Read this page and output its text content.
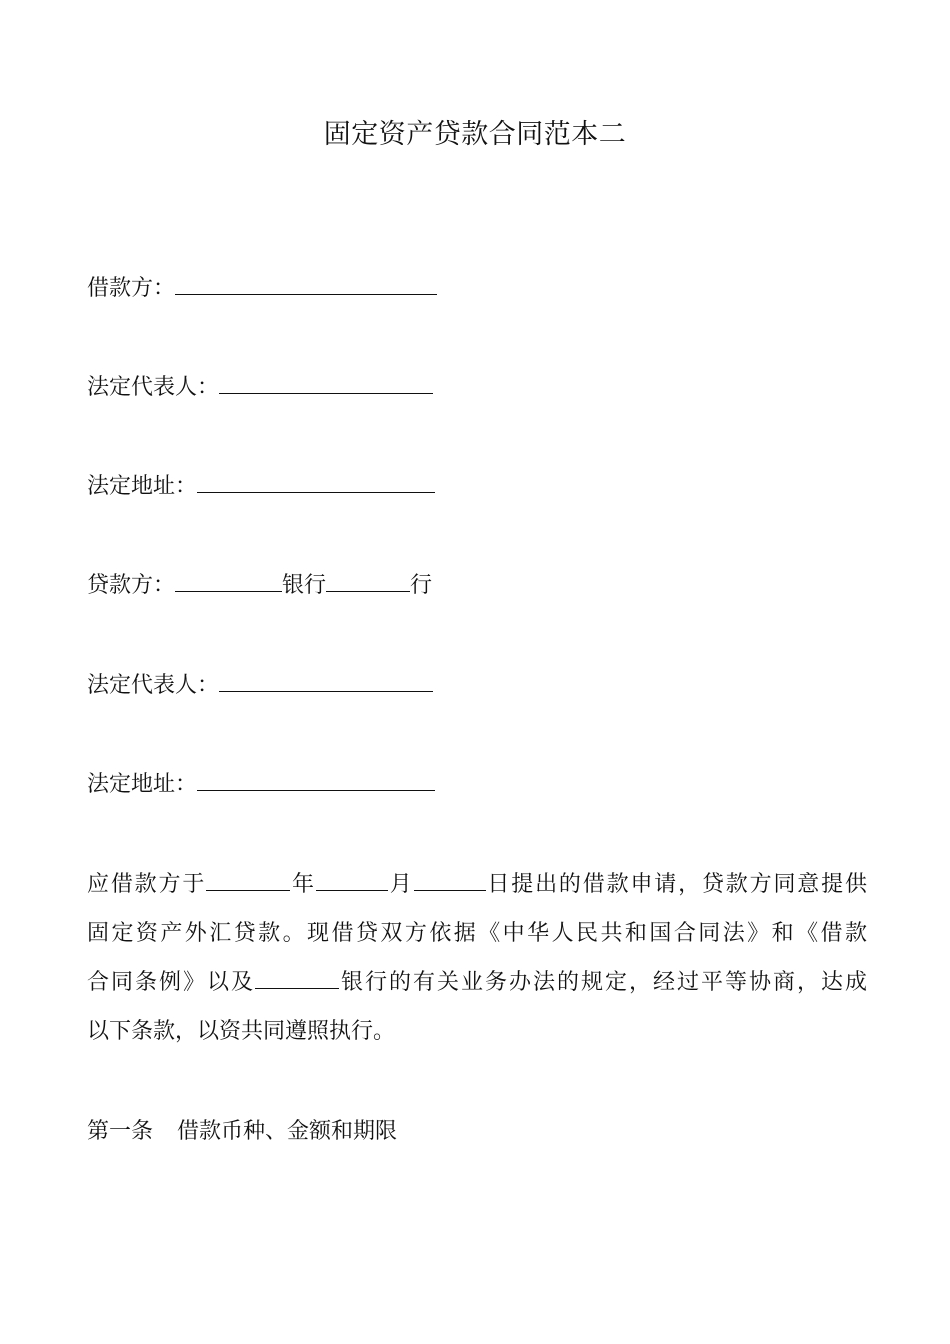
固定资产贷款合同范本二
借款方：
法定代表人：
法定地址：
贷款方：	银行	行
法定代表人：
法定地址：
应借款方于	年	月	日提出的借款申请，贷款方同意提供
固定资产外汇贷款。现借贷双方依据《中华人民共和国合同法》和《借款
合同条例》以及	银行的有关业务办法的规定，经过平等协商，达成
以下条款，以资共同遵照执行。
第一条 借款币种、金额和期限
